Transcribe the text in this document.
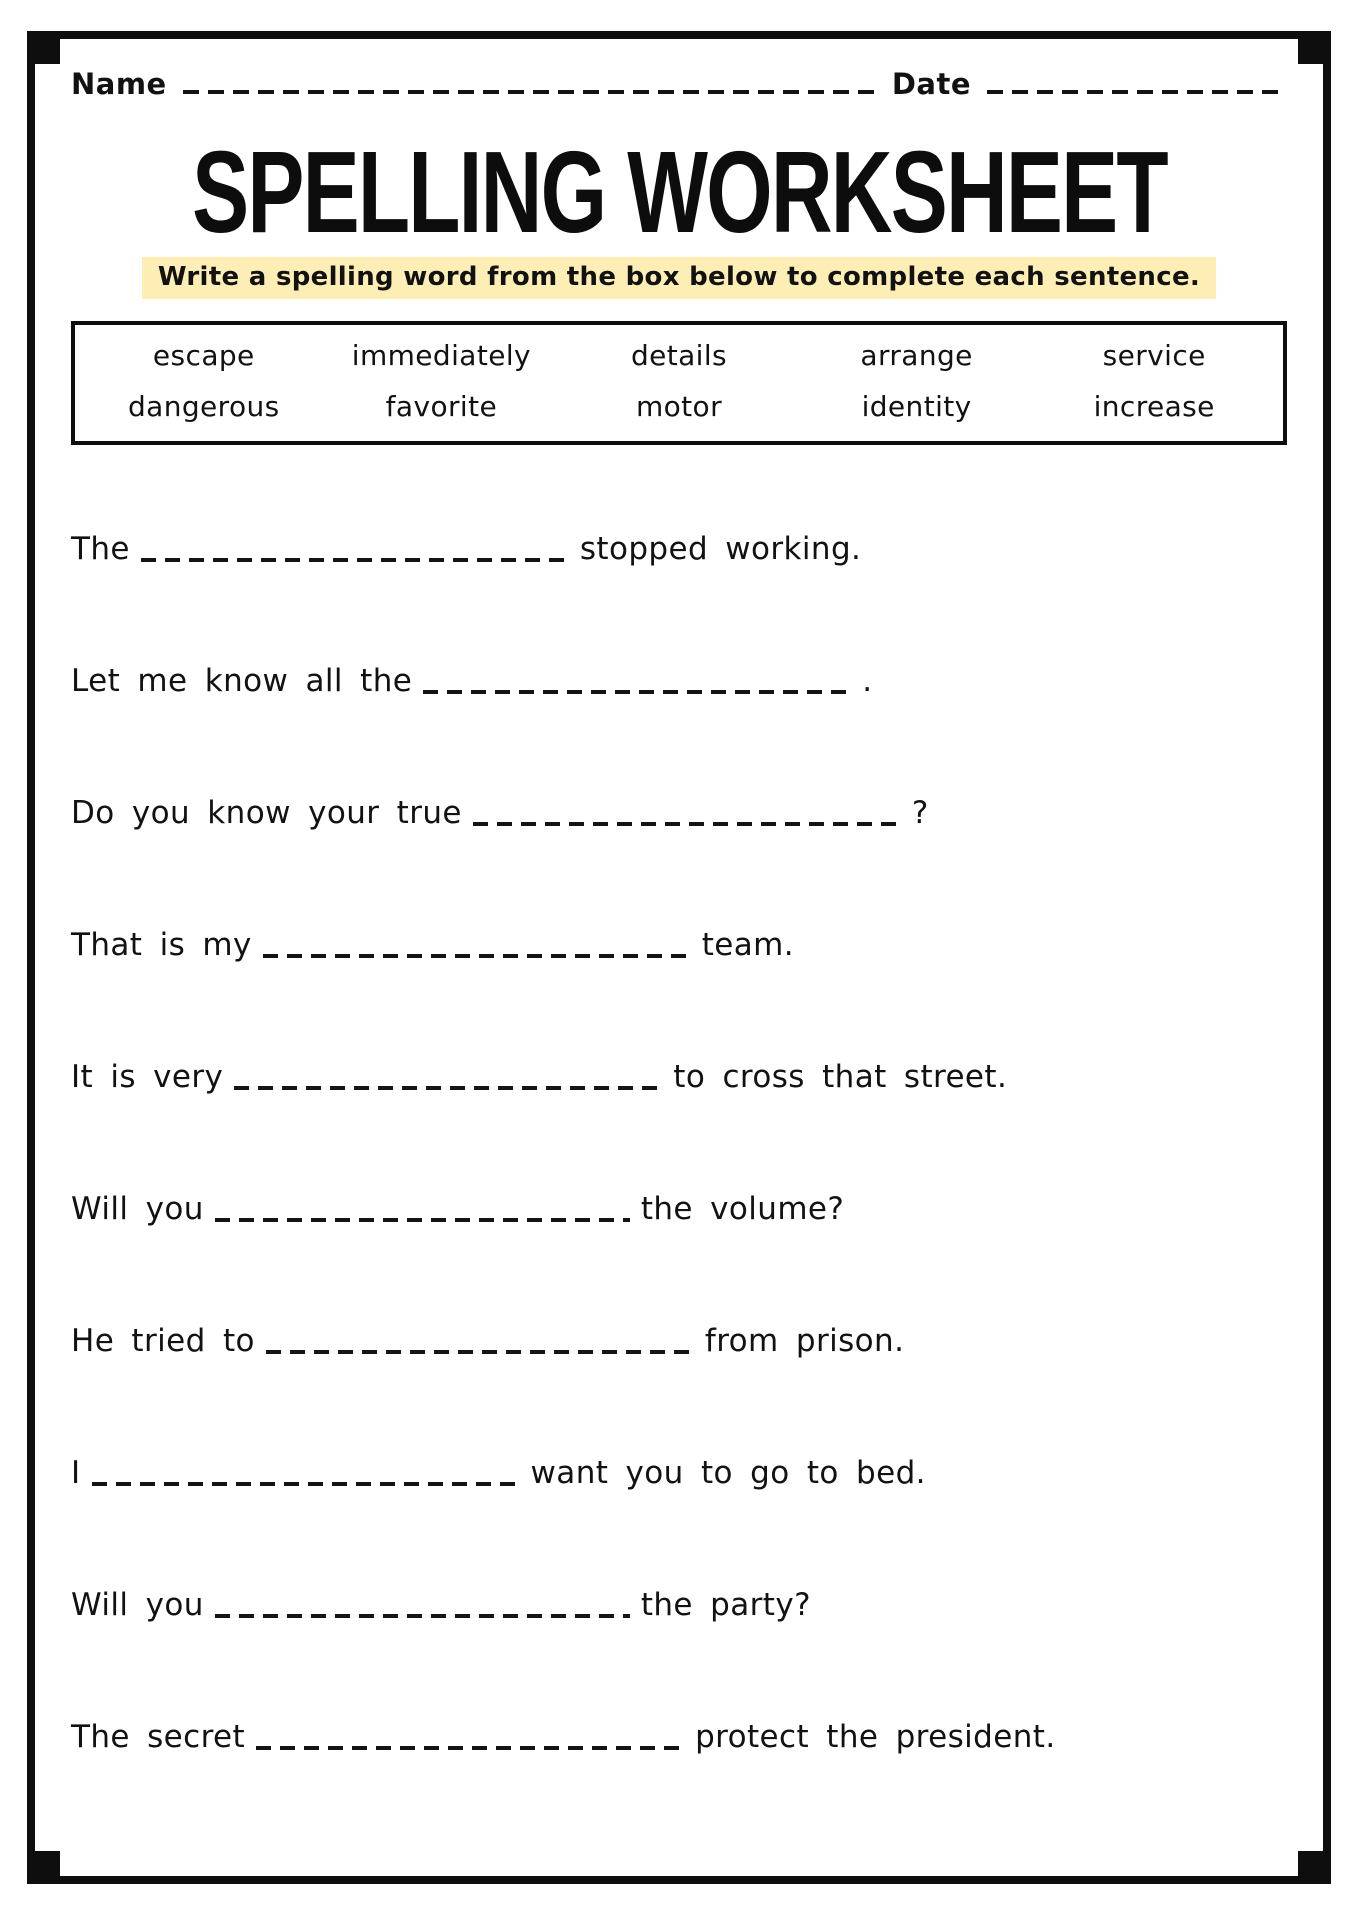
Name	Date
SPELLING WORKSHEET
Write a spelling word from the box below to complete each sentence.
escape	immediately	details	arrange	service
dangerous	favorite	motor	identity	increase
The	stopped working.
Let me know all the	.
Do you know your true	?
That is my	team.
It is very	to cross that street.
Will you	the volume?
He tried to	from prison.
I	want you to go to bed.
Will you	the party?
The secret	protect the president.
